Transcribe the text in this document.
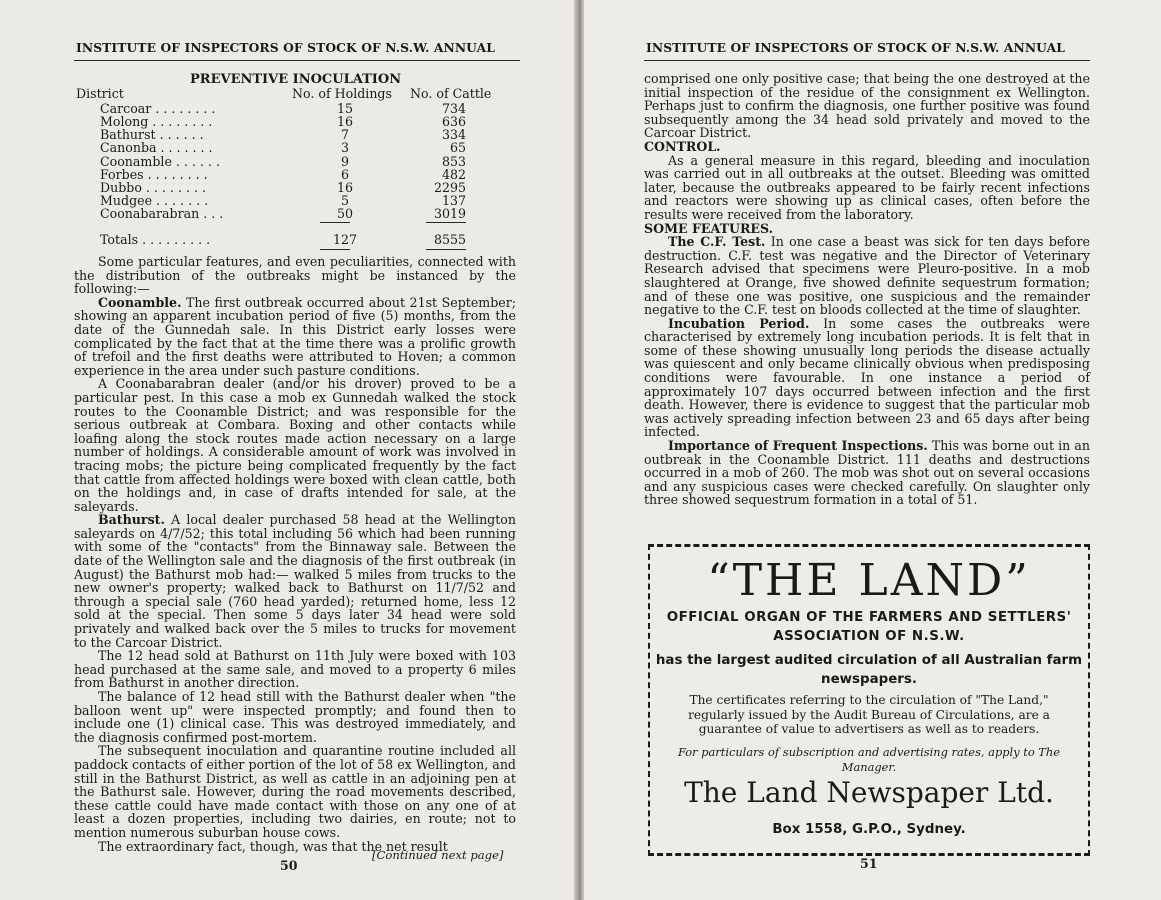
INSTITUTE OF INSPECTORS OF STOCK OF N.S.W. ANNUAL
PREVENTIVE INOCULATION
District	No. of Holdings No. of Cattle
Carcoar . . . . . . . .	15	734
Molong . . . . . . . .	16	636
Bathurst . . . . . .	7	334
Canonba . . . . . . .	3	65
Coonamble . . . . . .	9	853
Forbes . . . . . . . .	6	482
Dubbo . . . . . . . .	16	2295
Mudgee . . . . . . .	5	137
Coonabarabran . . .	50	3019
Totals . . . . . . . . .	127	8555

Some particular features, and even peculiarities, connected with the distribution of the outbreaks might be instanced by the following:—

Coonamble. The first outbreak occurred about 21st September; showing an apparent incubation period of five (5) months, from the date of the Gunnedah sale. In this District early losses were complicated by the fact that at the time there was a prolific growth of trefoil and the first deaths were attributed to Hoven; a common experience in the area under such pasture conditions.

A Coonabarabran dealer (and/or his drover) proved to be a particular pest. In this case a mob ex Gunnedah walked the stock routes to the Coonamble District; and was responsible for the serious outbreak at Combara. Boxing and other contacts while loafing along the stock routes made action necessary on a large number of holdings. A considerable amount of work was involved in tracing mobs; the picture being complicated frequently by the fact that cattle from affected holdings were boxed with clean cattle, both on the holdings and, in case of drafts intended for sale, at the saleyards.

Bathurst. A local dealer purchased 58 head at the Wellington saleyards on 4/7/52; this total including 56 which had been running with some of the "contacts" from the Binnaway sale. Between the date of the Wellington sale and the diagnosis of the first outbreak (in August) the Bathurst mob had:— walked 5 miles from trucks to the new owner's property; walked back to Bathurst on 11/7/52 and through a special sale (760 head yarded); returned home, less 12 sold at the special. Then some 5 days later 34 head were sold privately and walked back over the 5 miles to trucks for movement to the Carcoar District.

The 12 head sold at Bathurst on 11th July were boxed with 103 head purchased at the same sale, and moved to a property 6 miles from Bathurst in another direction.

The balance of 12 head still with the Bathurst dealer when "the balloon went up" were inspected promptly; and found then to include one (1) clinical case. This was destroyed immediately, and the diagnosis confirmed post-mortem.

The subsequent inoculation and quarantine routine included all paddock contacts of either portion of the lot of 58 ex Wellington, and still in the Bathurst District, as well as cattle in an adjoining pen at the Bathurst sale. However, during the road movements described, these cattle could have made contact with those on any one of at least a dozen properties, including two dairies, en route; not to mention numerous suburban house cows.

The extraordinary fact, though, was that the net result

[Continued next page]
50
INSTITUTE OF INSPECTORS OF STOCK OF N.S.W. ANNUAL

comprised one only positive case; that being the one destroyed at the initial inspection of the residue of the consignment ex Wellington. Perhaps just to confirm the diagnosis, one further positive was found subsequently among the 34 head sold privately and moved to the Carcoar District.

CONTROL.

As a general measure in this regard, bleeding and inoculation was carried out in all outbreaks at the outset. Bleeding was omitted later, because the outbreaks appeared to be fairly recent infections and reactors were showing up as clinical cases, often before the results were received from the laboratory.

SOME FEATURES.

The C.F. Test. In one case a beast was sick for ten days before destruction. C.F. test was negative and the Director of Veterinary Research advised that specimens were Pleuro-positive. In a mob slaughtered at Orange, five showed definite sequestrum formation; and of these one was positive, one suspicious and the remainder negative to the C.F. test on bloods collected at the time of slaughter.

Incubation Period. In some cases the outbreaks were characterised by extremely long incubation periods. It is felt that in some of these showing unusually long periods the disease actually was quiescent and only became clinically obvious when predisposing conditions were favourable. In one instance a period of approximately 107 days occurred between infection and the first death. However, there is evidence to suggest that the particular mob was actively spreading infection between 23 and 65 days after being infected.

Importance of Frequent Inspections. This was borne out in an outbreak in the Coonamble District. 111 deaths and destructions occurred in a mob of 260. The mob was shot out on several occasions and any suspicious cases were checked carefully. On slaughter only three showed sequestrum formation in a total of 51.

“THE LAND”
OFFICIAL ORGAN OF THE FARMERS AND SETTLERS' ASSOCIATION OF N.S.W.
has the largest audited circulation of all Australian farm newspapers.
The certificates referring to the circulation of "The Land," regularly issued by the Audit Bureau of Circulations, are a guarantee of value to advertisers as well as to readers.
For particulars of subscription and advertising rates, apply to The Manager.
The Land Newspaper Ltd.
Box 1558, G.P.O., Sydney.
51
